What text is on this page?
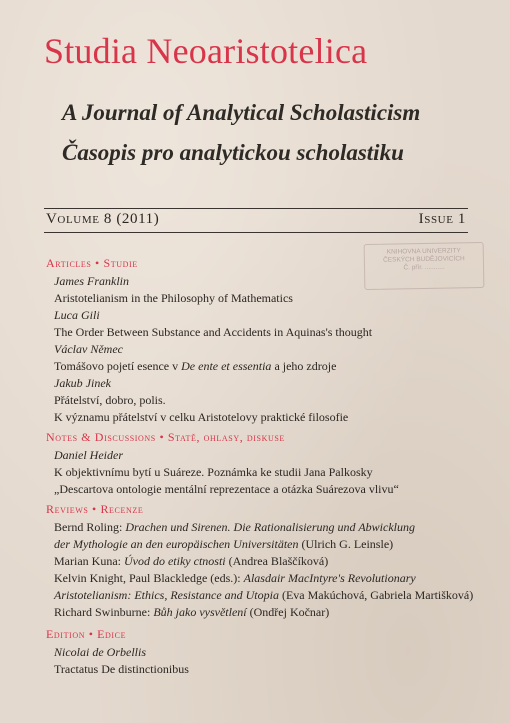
Studia Neoaristotelica
A Journal of Analytical Scholasticism
Časopis pro analytickou scholastiku
Volume 8 (2011)	Issue 1
KNIHOVNA UNIVERZITY
ČESKÝCH BUDĚJOVICÍCH
Č. přír. ...........
Articles • Studie
James Franklin
Aristotelianism in the Philosophy of Mathematics
Luca Gili
The Order Between Substance and Accidents in Aquinas's thought
Václav Němec
Tomášovo pojetí esence v De ente et essentia a jeho zdroje
Jakub Jinek
Přátelství, dobro, polis.
K významu přátelství v celku Aristotelovy praktické filosofie
Notes & Discussions • Statě, ohlasy, diskuse
Daniel Heider
K objektivnímu bytí u Suáreze. Poznámka ke studii Jana Palkosky
„Descartova ontologie mentální reprezentace a otázka Suárezova vlivu“
Reviews • Recenze
Bernd Roling: Drachen und Sirenen. Die Rationalisierung und Abwicklung
der Mythologie an den europäischen Universitäten (Ulrich G. Leinsle)
Marian Kuna: Úvod do etiky ctnosti (Andrea Blaščíková)
Kelvin Knight, Paul Blackledge (eds.): Alasdair MacIntyre's Revolutionary
Aristotelianism: Ethics, Resistance and Utopia (Eva Makúchová, Gabriela Martišková)
Richard Swinburne: Bůh jako vysvětlení (Ondřej Kočnar)
Edition • Edice
Nicolai de Orbellis
Tractatus De distinctionibus
